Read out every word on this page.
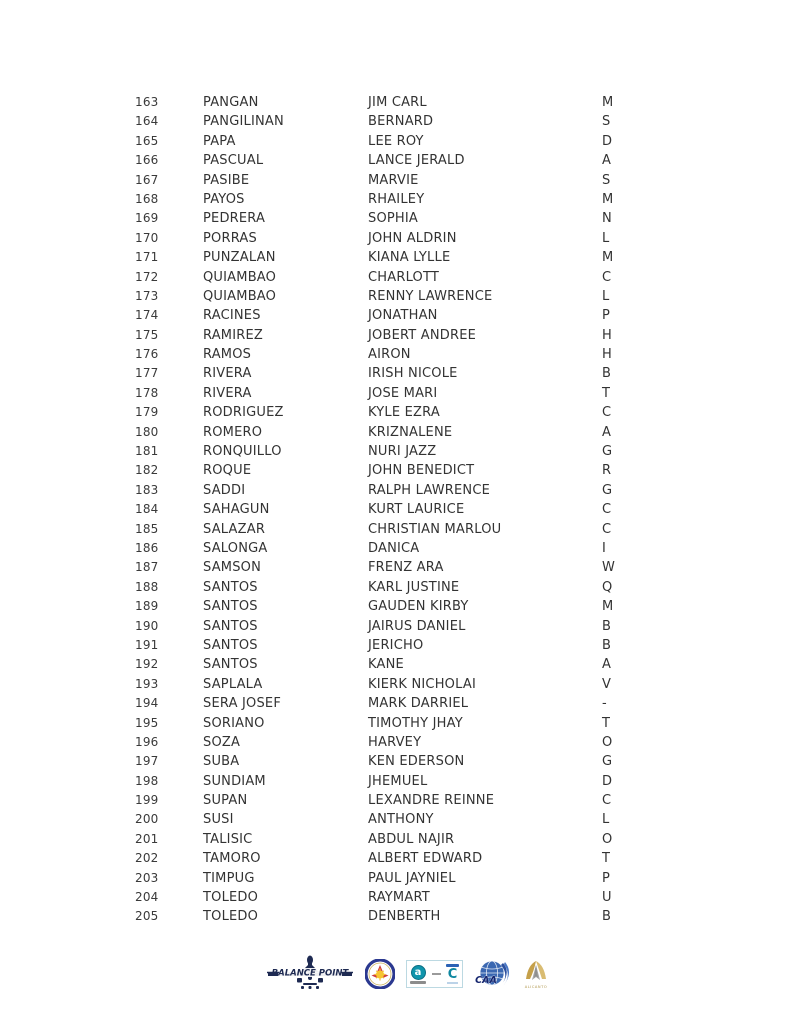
163	PANGAN	JIM CARL	M
164	PANGILINAN	BERNARD	S
165	PAPA	LEE ROY	D
166	PASCUAL	LANCE JERALD	A
167	PASIBE	MARVIE	S
168	PAYOS	RHAILEY	M
169	PEDRERA	SOPHIA	N
170	PORRAS	JOHN ALDRIN	L
171	PUNZALAN	KIANA LYLLE	M
172	QUIAMBAO	CHARLOTT	C
173	QUIAMBAO	RENNY LAWRENCE	L
174	RACINES	JONATHAN	P
175	RAMIREZ	JOBERT ANDREE	H
176	RAMOS	AIRON	H
177	RIVERA	IRISH NICOLE	B
178	RIVERA	JOSE MARI	T
179	RODRIGUEZ	KYLE EZRA	C
180	ROMERO	KRIZNALENE	A
181	RONQUILLO	NURI JAZZ	G
182	ROQUE	JOHN BENEDICT	R
183	SADDI	RALPH LAWRENCE	G
184	SAHAGUN	KURT LAURICE	C
185	SALAZAR	CHRISTIAN MARLOU	C
186	SALONGA	DANICA	I
187	SAMSON	FRENZ ARA	W
188	SANTOS	KARL JUSTINE	Q
189	SANTOS	GAUDEN KIRBY	M
190	SANTOS	JAIRUS DANIEL	B
191	SANTOS	JERICHO	B
192	SANTOS	KANE	A
193	SAPLALA	KIERK NICHOLAI	V
194	SERA JOSEF	MARK DARRIEL	-
195	SORIANO	TIMOTHY JHAY	T
196	SOZA	HARVEY	O
197	SUBA	KEN EDERSON	G
198	SUNDIAM	JHEMUEL	D
199	SUPAN	LEXANDRE REINNE	C
200	SUSI	ANTHONY	L
201	TALISIC	ABDUL NAJIR	O
202	TAMORO	ALBERT EDWARD	T
203	TIMPUG	PAUL JAYNIEL	P
204	TOLEDO	RAYMART	U
205	TOLEDO	DENBERTH	B
BALANCE POINT	a	C CAA
ALICANTO
